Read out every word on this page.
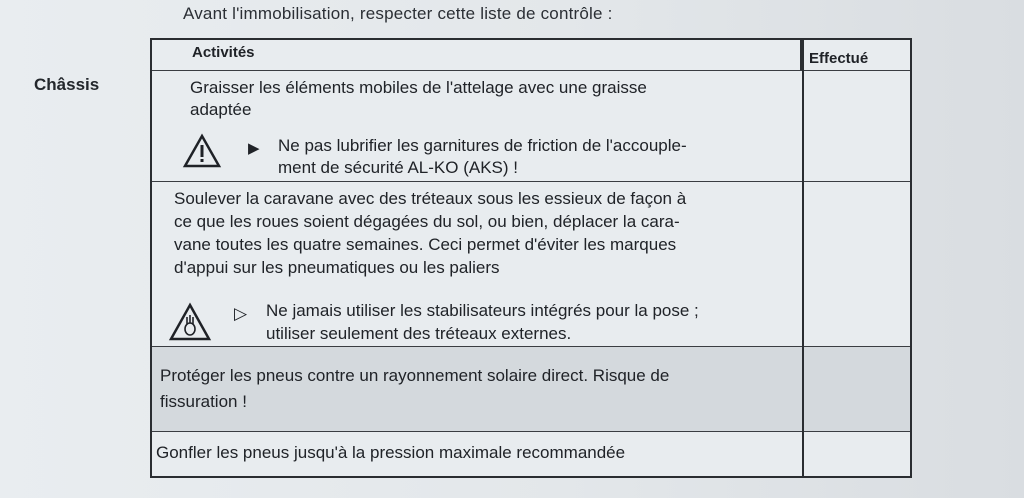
Avant l'immobilisation, respecter cette liste de contrôle :
Châssis
Activités	Effectué
Graisser les éléments mobiles de l'attelage avec une graisse
adaptée
▶ Ne pas lubrifier les garnitures de friction de l'accouple-
ment de sécurité AL-KO (AKS) !
Soulever la caravane avec des tréteaux sous les essieux de façon à
ce que les roues soient dégagées du sol, ou bien, déplacer la cara-
vane toutes les quatre semaines. Ceci permet d'éviter les marques
d'appui sur les pneumatiques ou les paliers
▷ Ne jamais utiliser les stabilisateurs intégrés pour la pose ;
utiliser seulement des tréteaux externes.
Protéger les pneus contre un rayonnement solaire direct. Risque de
fissuration !
Gonfler les pneus jusqu'à la pression maximale recommandée
